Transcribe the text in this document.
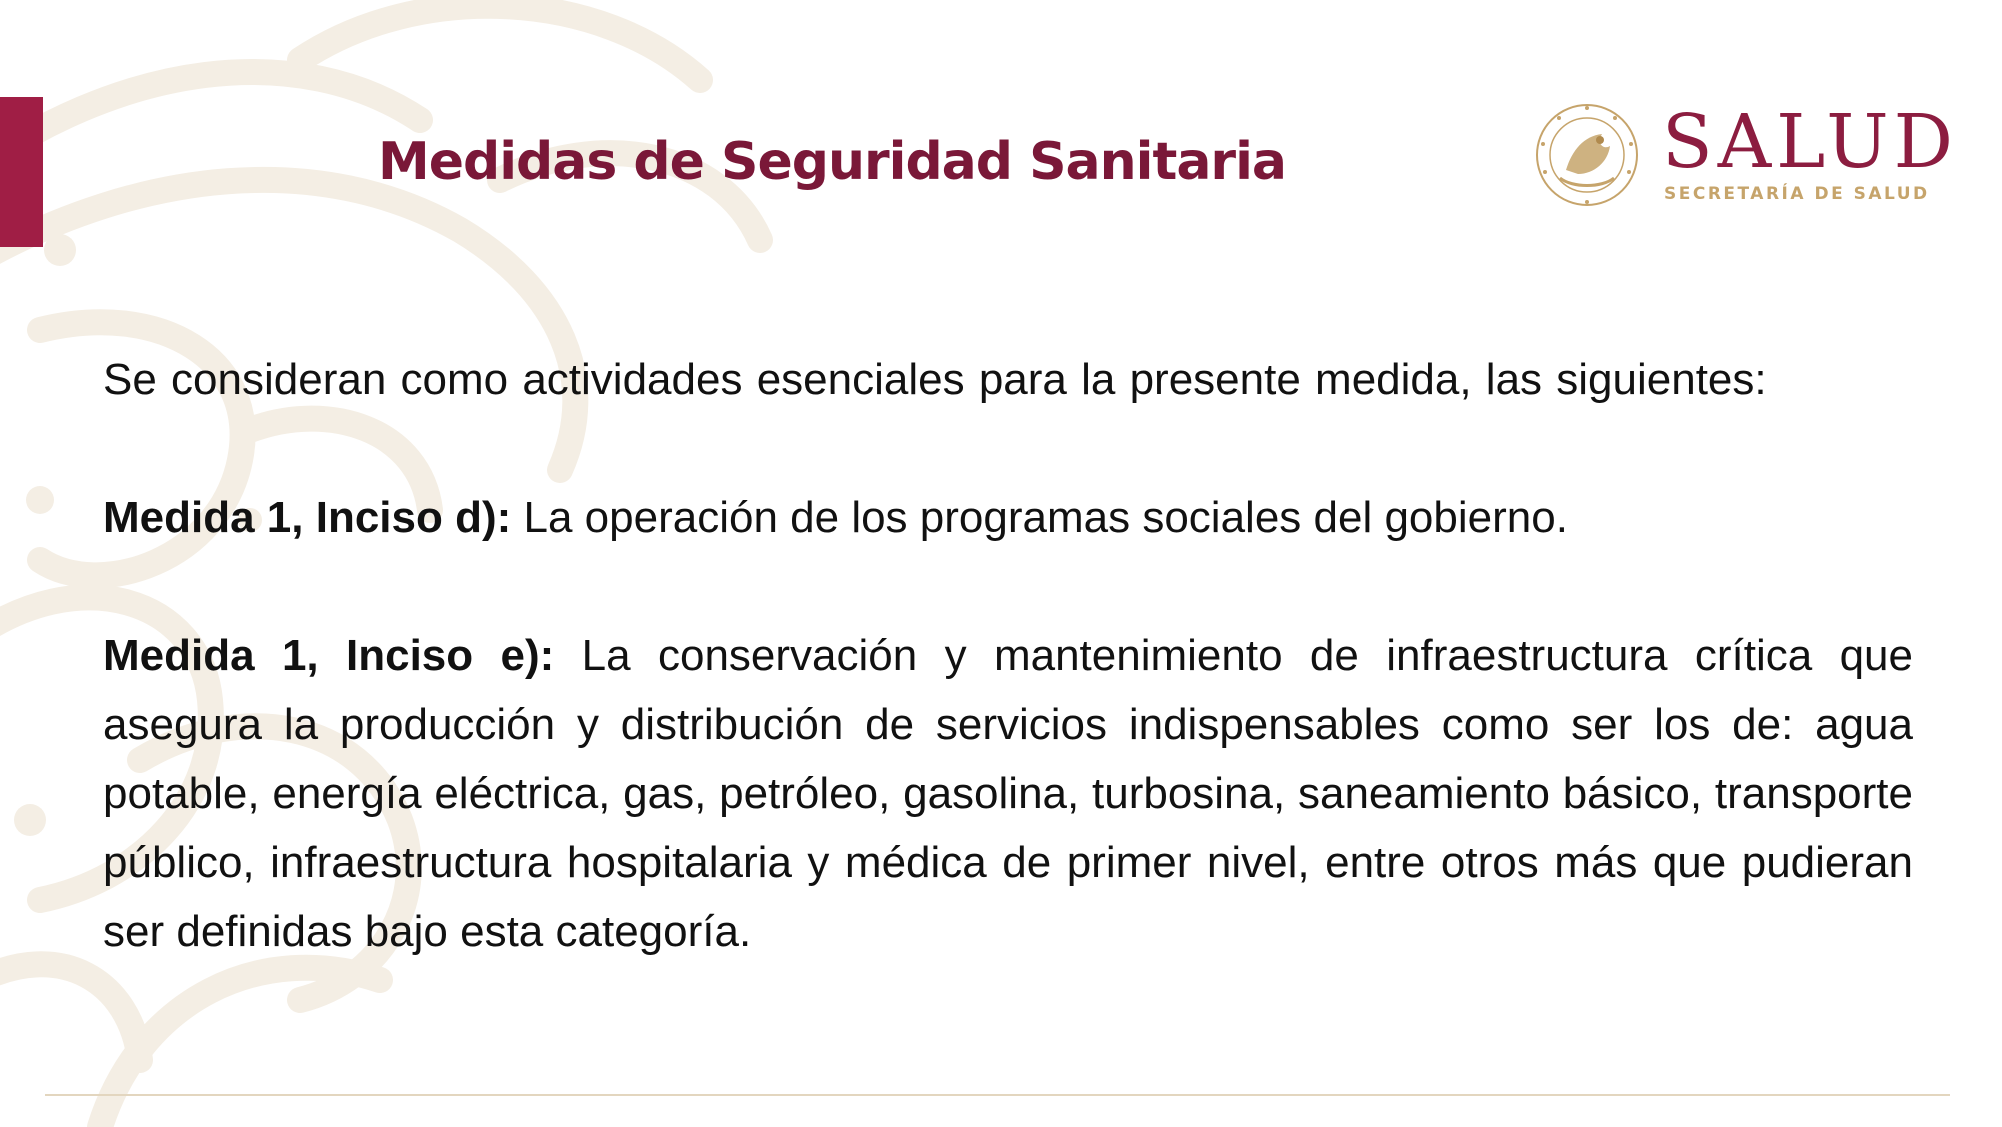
Medidas de Seguridad Sanitaria	SALUD
SECRETARÍA DE SALUD

Se consideran como actividades esenciales para la presente medida, las siguientes:

Medida 1, Inciso d): La operación de los programas sociales del gobierno.

Medida 1, Inciso e): La conservación y mantenimiento de infraestructura crítica que asegura la producción y distribución de servicios indispensables como ser los de: agua potable, energía eléctrica, gas, petróleo, gasolina, turbosina, saneamiento básico, transporte público, infraestructura hospitalaria y médica de primer nivel, entre otros más que pudieran ser definidas bajo esta categoría.
